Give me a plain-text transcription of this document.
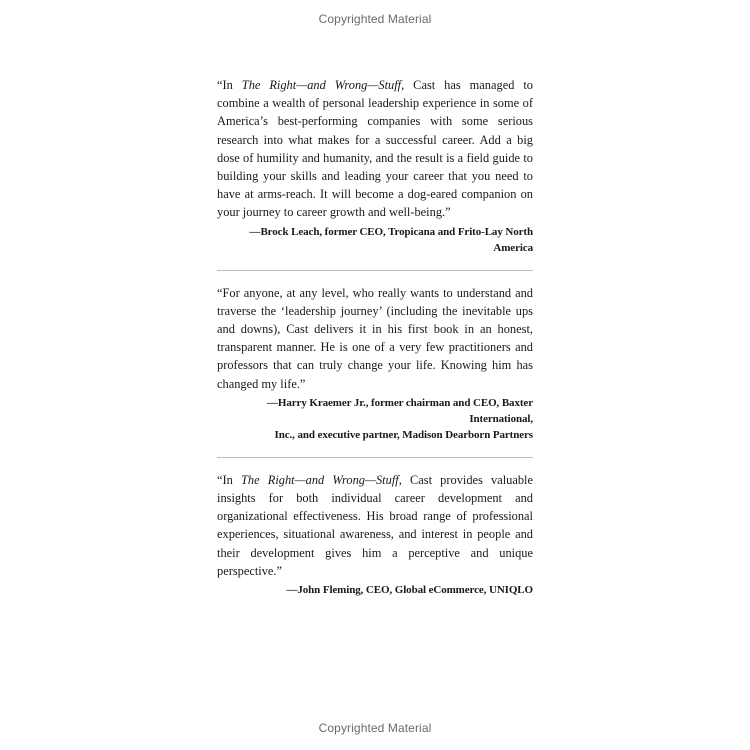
Copyrighted Material

“In The Right—and Wrong—Stuff, Cast has managed to combine a wealth of personal leadership experience in some of America’s best-performing companies with some serious research into what makes for a successful career. Add a big dose of humility and humanity, and the result is a field guide to building your skills and leading your career that you need to have at arms-reach. It will become a dog-eared companion on your journey to career growth and well-being.”

—Brock Leach, former CEO, Tropicana and Frito-Lay North America

“For anyone, at any level, who really wants to understand and traverse the ‘leadership journey’ (including the inevitable ups and downs), Cast delivers it in his first book in an honest, transparent manner. He is one of a very few practitioners and professors that can truly change your life. Knowing him has changed my life.”

—Harry Kraemer Jr., former chairman and CEO, Baxter International,
Inc., and executive partner, Madison Dearborn Partners

“In The Right—and Wrong—Stuff, Cast provides valuable insights for both individual career development and organizational effectiveness. His broad range of professional experiences, situational awareness, and interest in people and their development gives him a perceptive and unique perspective.”

—John Fleming, CEO, Global eCommerce, UNIQLO

Copyrighted Material
